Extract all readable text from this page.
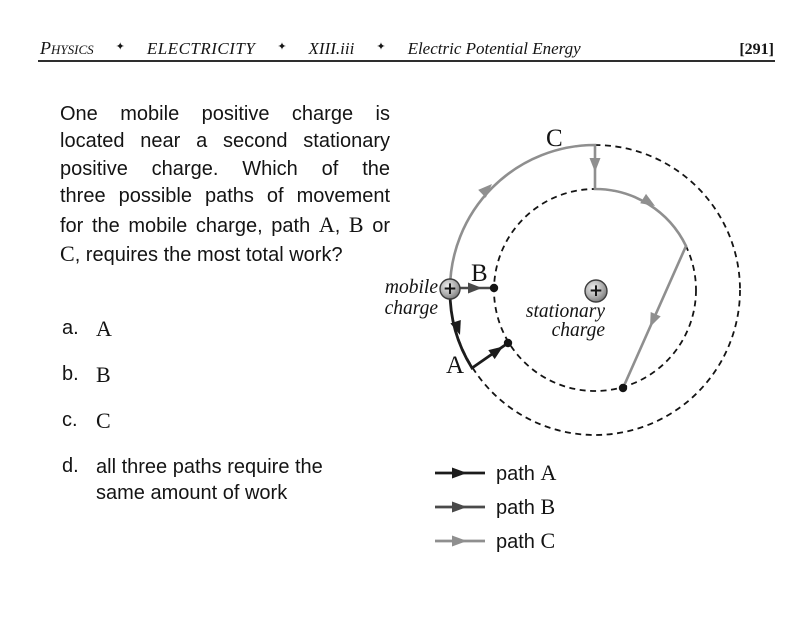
Physics ✦ ELECTRICITY ✦ XIII.iii ✦ Electric Potential Energy	[291]
One mobile positive charge is
located near a second stationary
positive charge. Which of the
three possible paths of movement
for the mobile charge, path A, B or
C, requires the most total work?
a. A
b. B
c. C
d. all three paths require the
same amount of work
+	+
C
B
A
mobile
charge	stationary
charge
path A
path B
path C
